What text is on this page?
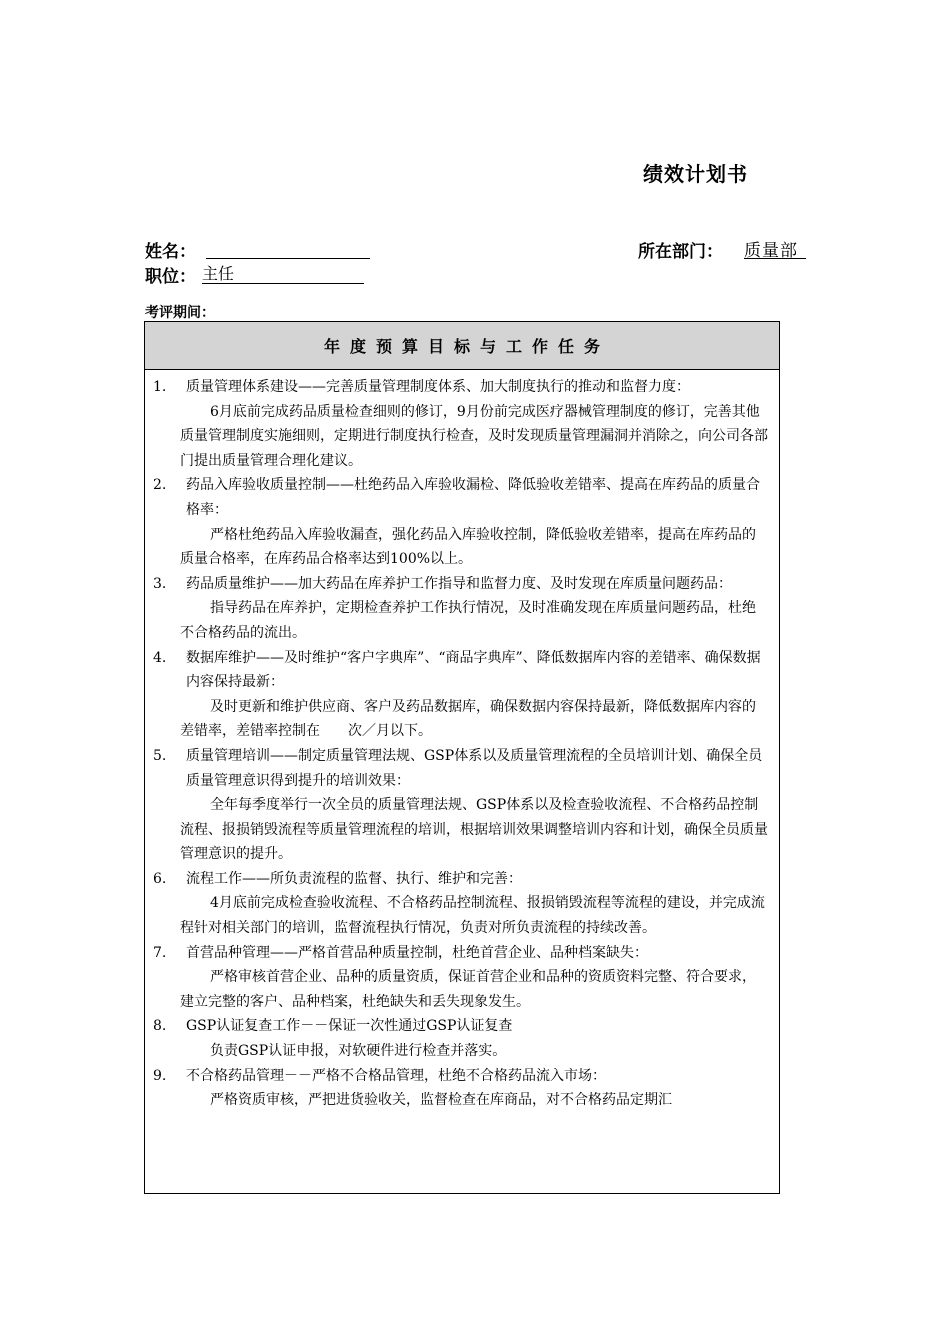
绩效计划书
姓名：	所在部门： 质量部
职位： 主任
考评期间：
年度预算目标与工作任务
1. 质量管理体系建设——完善质量管理制度体系、加大制度执行的推动和监督力度：
6月底前完成药品质量检查细则的修订，9月份前完成医疗器械管理制度的修订，完善其他质量管理制度实施细则，定期进行制度执行检查，及时发现质量管理漏洞并消除之，向公司各部门提出质量管理合理化建议。
2. 药品入库验收质量控制——杜绝药品入库验收漏检、降低验收差错率、提高在库药品的质量合格率：
严格杜绝药品入库验收漏查，强化药品入库验收控制，降低验收差错率，提高在库药品的质量合格率，在库药品合格率达到100%以上。
3. 药品质量维护——加大药品在库养护工作指导和监督力度、及时发现在库质量问题药品：
指导药品在库养护，定期检查养护工作执行情况，及时准确发现在库质量问题药品，杜绝不合格药品的流出。
4. 数据库维护——及时维护“客户字典库”、“商品字典库”、降低数据库内容的差错率、确保数据内容保持最新：
及时更新和维护供应商、客户及药品数据库，确保数据内容保持最新，降低数据库内容的差错率，差错率控制在　　次／月以下。
5. 质量管理培训——制定质量管理法规、GSP体系以及质量管理流程的全员培训计划、确保全员质量管理意识得到提升的培训效果：
全年每季度举行一次全员的质量管理法规、GSP体系以及检查验收流程、不合格药品控制流程、报损销毁流程等质量管理流程的培训，根据培训效果调整培训内容和计划，确保全员质量管理意识的提升。
6. 流程工作——所负责流程的监督、执行、维护和完善：
4月底前完成检查验收流程、不合格药品控制流程、报损销毁流程等流程的建设，并完成流程针对相关部门的培训，监督流程执行情况，负责对所负责流程的持续改善。
7. 首营品种管理——严格首营品种质量控制，杜绝首营企业、品种档案缺失：
严格审核首营企业、品种的质量资质，保证首营企业和品种的资质资料完整、符合要求，建立完整的客户、品种档案，杜绝缺失和丢失现象发生。
8. GSP认证复查工作－－保证一次性通过GSP认证复查
负责GSP认证申报，对软硬件进行检查并落实。
9. 不合格药品管理－－严格不合格品管理，杜绝不合格药品流入市场：
严格资质审核，严把进货验收关，监督检查在库商品，对不合格药品定期汇
